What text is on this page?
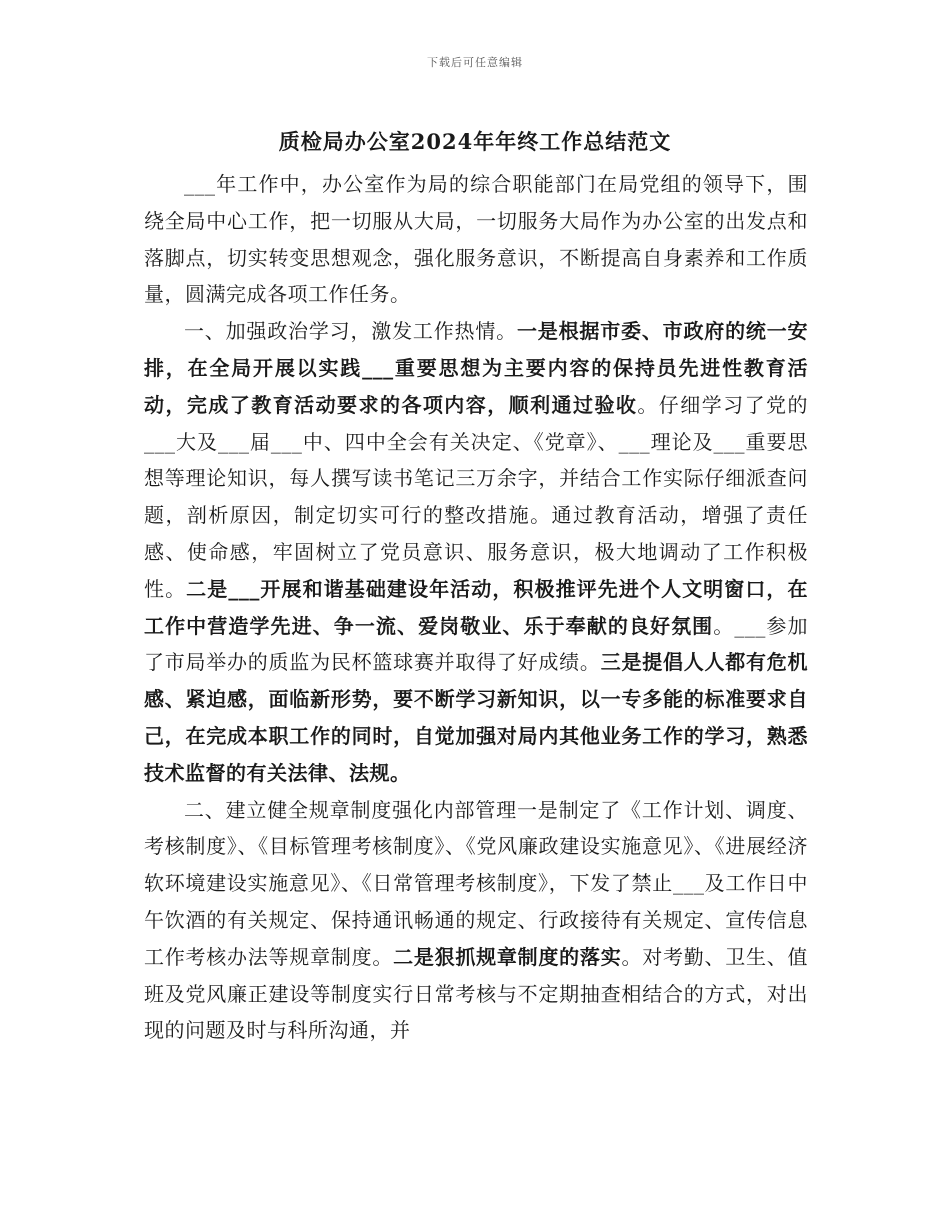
下载后可任意编辑
质检局办公室2024年年终工作总结范文

___年工作中，办公室作为局的综合职能部门在局党组的领导下，围绕全局中心工作，把一切服从大局，一切服务大局作为办公室的出发点和落脚点，切实转变思想观念，强化服务意识，不断提高自身素养和工作质量，圆满完成各项工作任务。

一、加强政治学习，激发工作热情。一是根据市委、市政府的统一安排，在全局开展以实践___重要思想为主要内容的保持员先进性教育活动，完成了教育活动要求的各项内容，顺利通过验收。仔细学习了党的___大及___届___中、四中全会有关决定、《党章》、___理论及___重要思想等理论知识，每人撰写读书笔记三万余字，并结合工作实际仔细派查问题，剖析原因，制定切实可行的整改措施。通过教育活动，增强了责任感、使命感，牢固树立了党员意识、服务意识，极大地调动了工作积极性。二是___开展和谐基础建设年活动，积极推评先进个人文明窗口，在工作中营造学先进、争一流、爱岗敬业、乐于奉献的良好氛围。___参加了市局举办的质监为民杯篮球赛并取得了好成绩。三是提倡人人都有危机感、紧迫感，面临新形势，要不断学习新知识，以一专多能的标准要求自己，在完成本职工作的同时，自觉加强对局内其他业务工作的学习，熟悉技术监督的有关法律、法规。

二、建立健全规章制度强化内部管理一是制定了《工作计划、调度、考核制度》、《目标管理考核制度》、《党风廉政建设实施意见》、《进展经济软环境建设实施意见》、《日常管理考核制度》，下发了禁止___及工作日中午饮酒的有关规定、保持通讯畅通的规定、行政接待有关规定、宣传信息工作考核办法等规章制度。二是狠抓规章制度的落实。对考勤、卫生、值班及党风廉正建设等制度实行日常考核与不定期抽查相结合的方式，对出现的问题及时与科所沟通，并
